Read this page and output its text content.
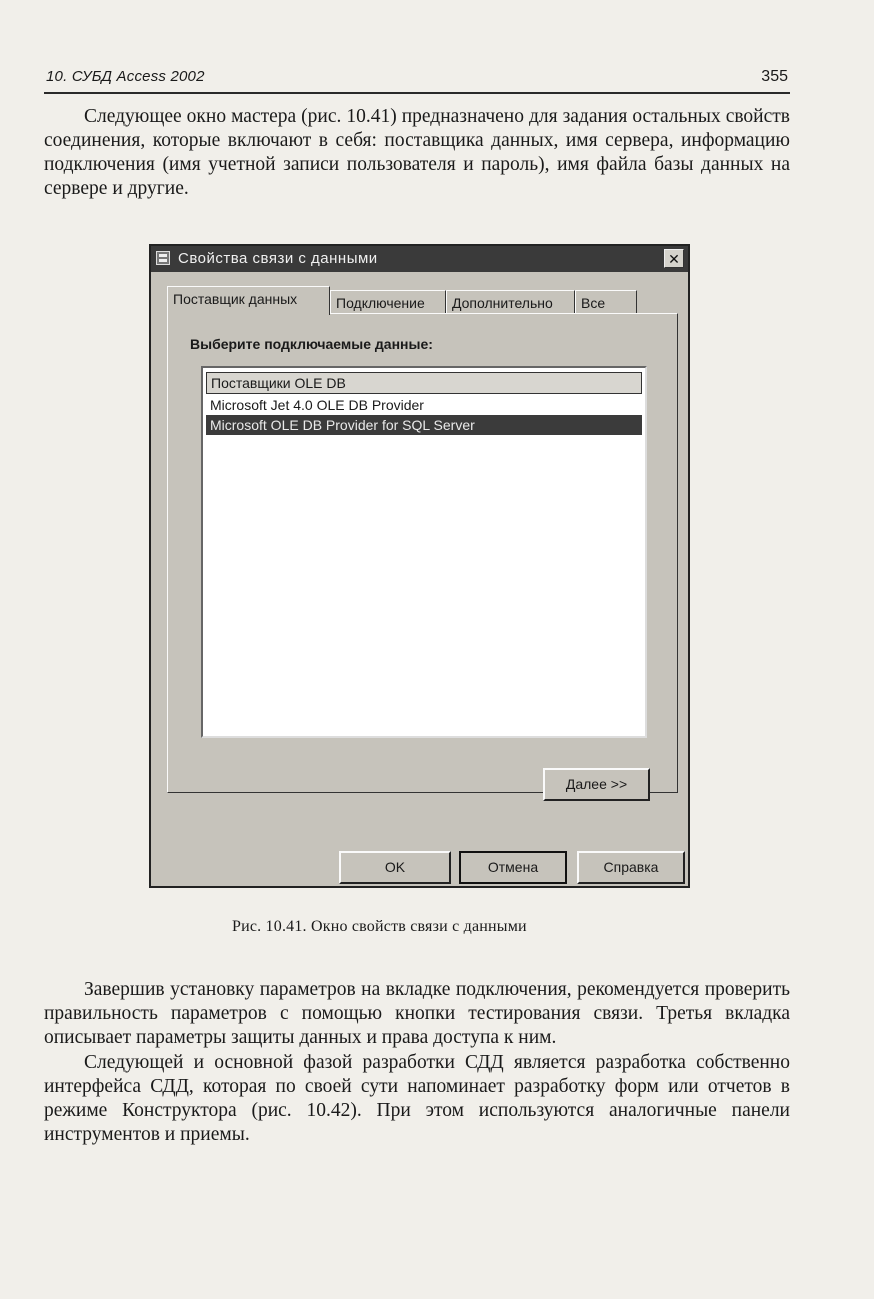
10. СУБД Access 2002	355

Следующее окно мастера (рис. 10.41) предназначено для задания остальных свойств соединения, которые включают в себя: поставщика данных, имя сервера, информацию подключения (имя учетной записи пользователя и пароль), имя файла базы данных на сервере и другие.

Свойства связи с данными	✕
Поставщик данных	Подключение	Дополнительно	Все
Выберите подключаемые данные:
Поставщики OLE DB
Microsoft Jet 4.0 OLE DB Provider
Microsoft OLE DB Provider for SQL Server
Далее >>
OK	Отмена	Справка
Рис. 10.41. Окно свойств связи с данными

Завершив установку параметров на вкладке подключения, рекомендуется проверить правильность параметров с помощью кнопки тестирования связи. Третья вкладка описывает параметры защиты данных и права доступа к ним.

Следующей и основной фазой разработки СДД является разработка собственно интерфейса СДД, которая по своей сути напоминает разработку форм или отчетов в режиме Конструктора (рис. 10.42). При этом используются аналогичные панели инструментов и приемы.
